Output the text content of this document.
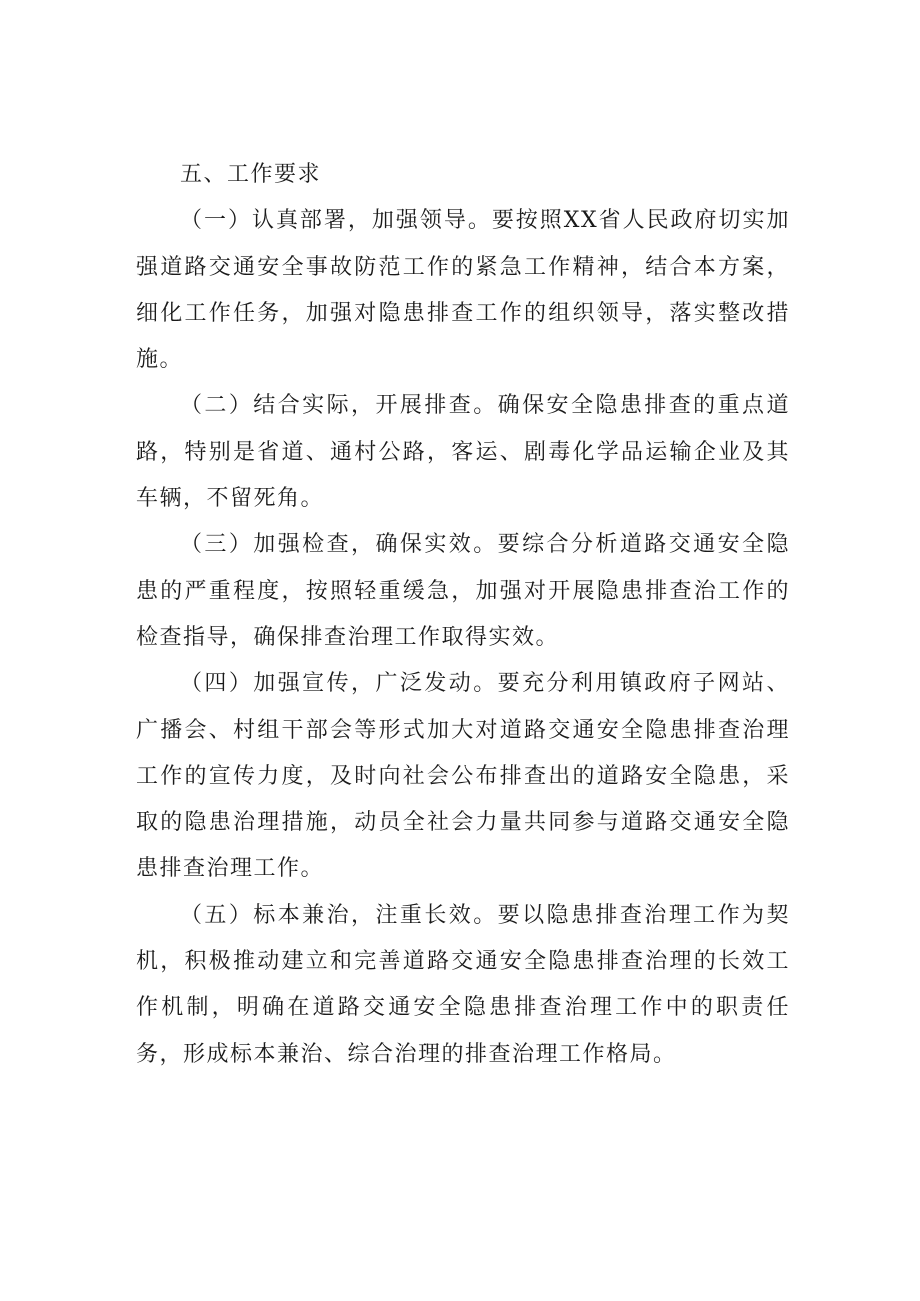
五、工作要求

（一）认真部署，加强领导。要按照XX省人民政府切实加强道路交通安全事故防范工作的紧急工作精神，结合本方案，细化工作任务，加强对隐患排查工作的组织领导，落实整改措施。

（二）结合实际，开展排查。确保安全隐患排查的重点道路，特别是省道、通村公路，客运、剧毒化学品运输企业及其车辆，不留死角。

（三）加强检查，确保实效。要综合分析道路交通安全隐患的严重程度，按照轻重缓急，加强对开展隐患排查治工作的检查指导，确保排查治理工作取得实效。

（四）加强宣传，广泛发动。要充分利用镇政府子网站、广播会、村组干部会等形式加大对道路交通安全隐患排查治理工作的宣传力度，及时向社会公布排查出的道路安全隐患，采取的隐患治理措施，动员全社会力量共同参与道路交通安全隐患排查治理工作。

（五）标本兼治，注重长效。要以隐患排查治理工作为契机，积极推动建立和完善道路交通安全隐患排查治理的长效工作机制，明确在道路交通安全隐患排查治理工作中的职责任务，形成标本兼治、综合治理的排查治理工作格局。
